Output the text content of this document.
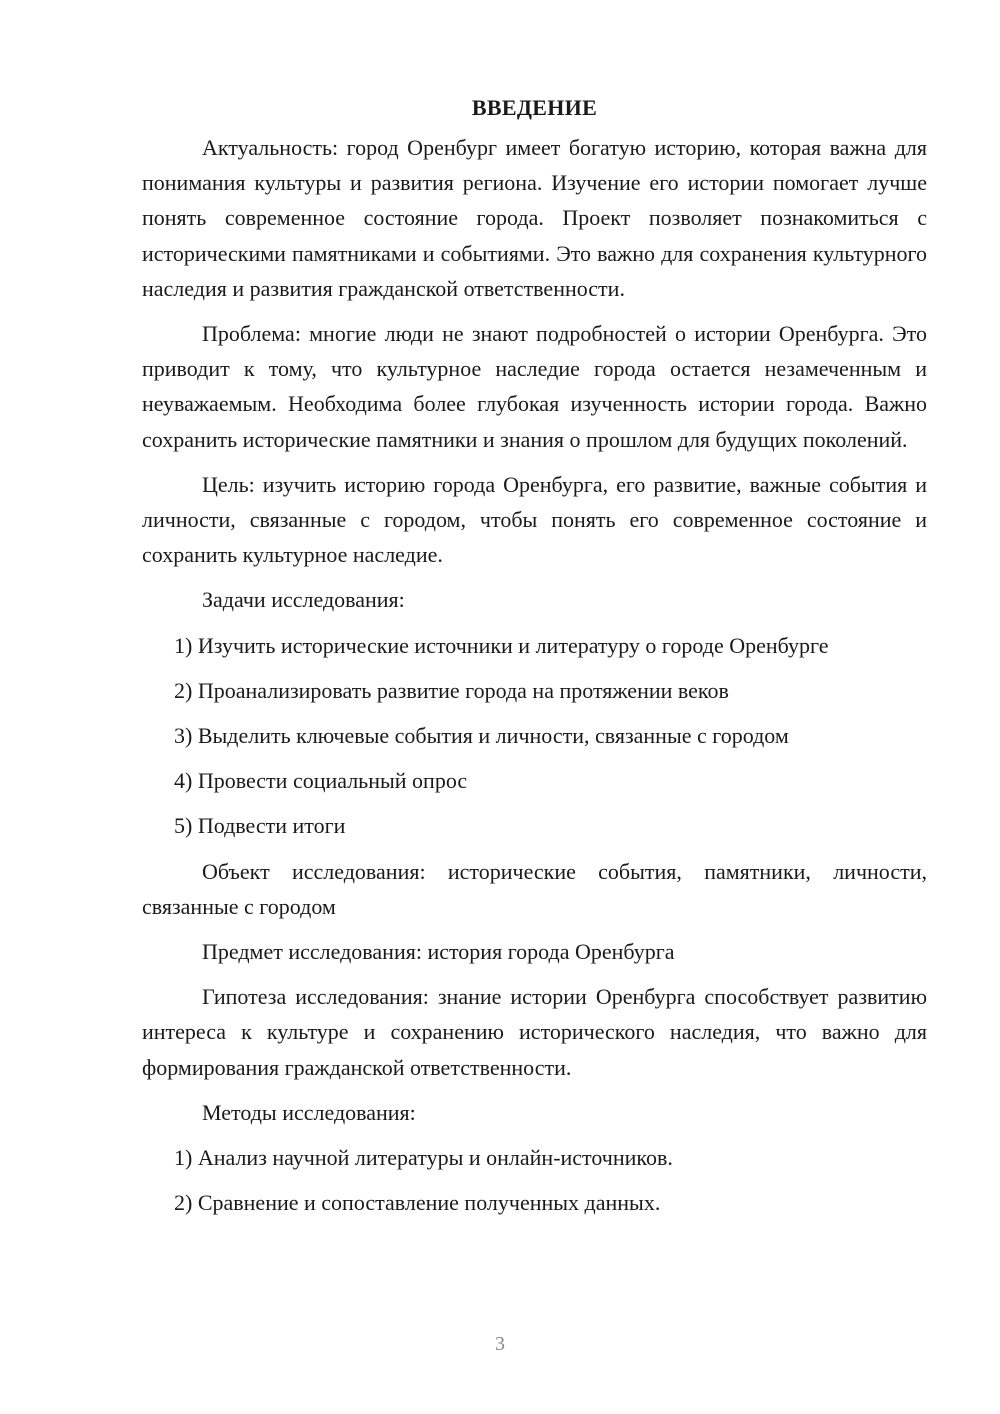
ВВЕДЕНИЕ

Актуальность: город Оренбург имеет богатую историю, которая важна для понимания культуры и развития региона. Изучение его истории помогает лучше понять современное состояние города. Проект позволяет познакомиться с историческими памятниками и событиями. Это важно для сохранения культурного наследия и развития гражданской ответственности.

Проблема: многие люди не знают подробностей о истории Оренбурга. Это приводит к тому, что культурное наследие города остается незамеченным и неуважаемым. Необходима более глубокая изученность истории города. Важно сохранить исторические памятники и знания о прошлом для будущих поколений.

Цель: изучить историю города Оренбурга, его развитие, важные события и личности, связанные с городом, чтобы понять его современное состояние и сохранить культурное наследие.

Задачи исследования:

1) Изучить исторические источники и литературу о городе Оренбурге
2) Проанализировать развитие города на протяжении веков
3) Выделить ключевые события и личности, связанные с городом
4) Провести социальный опрос
5) Подвести итоги

Объект исследования: исторические события, памятники, личности, связанные с городом

Предмет исследования: история города Оренбурга

Гипотеза исследования: знание истории Оренбурга способствует развитию интереса к культуре и сохранению исторического наследия, что важно для формирования гражданской ответственности.

Методы исследования:

1) Анализ научной литературы и онлайн-источников.
2) Сравнение и сопоставление полученных данных.
3
